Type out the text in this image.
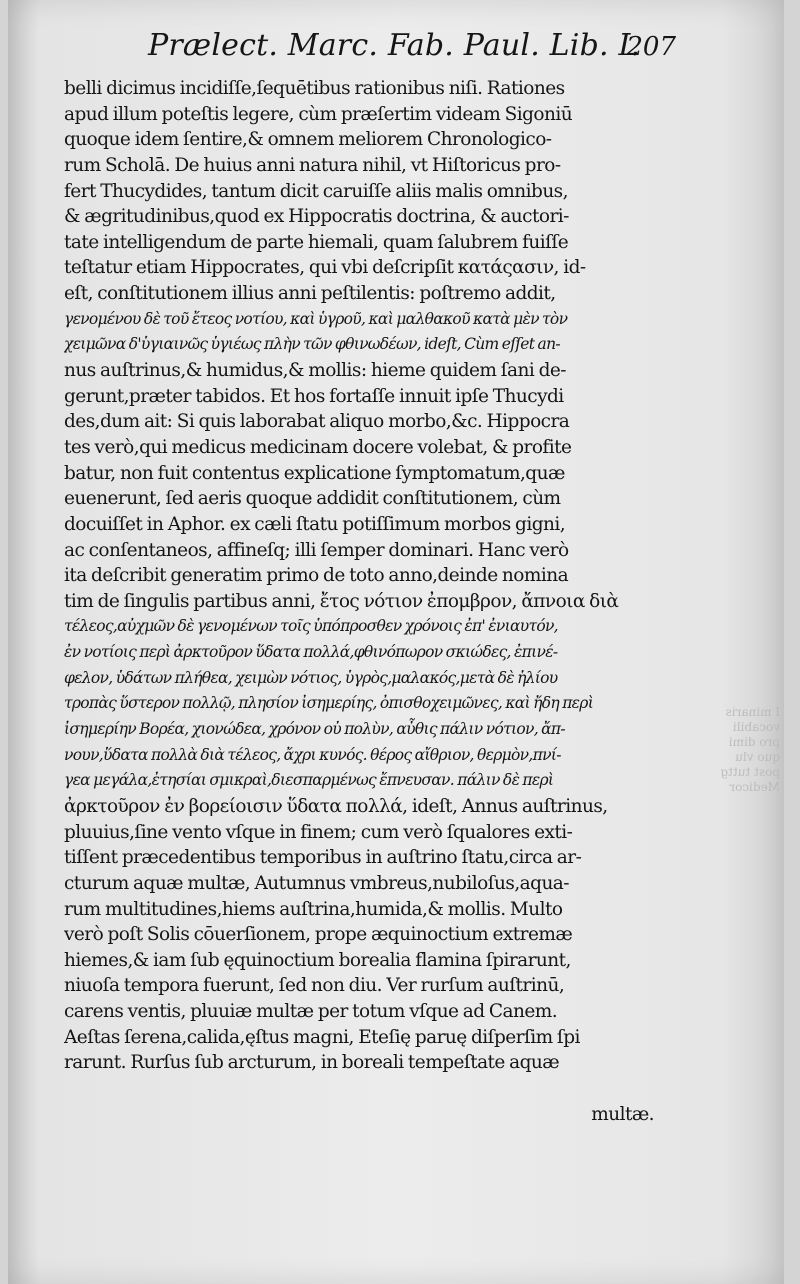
I minaris
vocabili
pro dimi
quo vlu
post tuttg
Medicor
Prælect. Marc. Fab. Paul. Lib. I.
207
belli dicimus incidiſſe,ſequētibus rationibus niſi. Rationes
apud illum poteſtis legere, cùm præſertim videam Sigoniū
quoque idem ſentire,& omnem meliorem Chronologico-
rum Scholā. De huius anni natura nihil, vt Hiſtoricus pro-
fert Thucydides, tantum dicit caruiſſe aliis malis omnibus,
& ægritudinibus,quod ex Hippocratis doctrina, & auctori-
tate intelligendum de parte hiemali, quam ſalubrem fuiſſe
teſtatur etiam Hippocrates, qui vbi deſcripſit κατάςασιν, id-
eſt, conſtitutionem illius anni peſtilentis: poſtremo addit,
γενομένου δὲ τοῦ ἔτεος νοτίου, καὶ ὑγροῦ, καὶ μαλθακοῦ κατὰ μὲν τὸν
χειμῶνα δ'ὑγιαινῶς ὑγιέως πλὴν τῶν φθινωδέων, ideſt, Cùm eſſet an-
nus auſtrinus,& humidus,& mollis: hieme quidem ſani de-
gerunt,præter tabidos. Et hos fortaſſe innuit ipſe Thucydi
des,dum ait: Si quis laborabat aliquo morbo,&c. Hippocra
tes verò,qui medicus medicinam docere volebat, & profite
batur, non fuit contentus explicatione ſymptomatum,quæ
euenerunt, ſed aeris quoque addidit conſtitutionem, cùm
docuiſſet in Aphor. ex cæli ſtatu potiſſimum morbos gigni,
ac conſentaneos, affineſq; illi ſemper dominari. Hanc verò
ita deſcribit generatim primo de toto anno,deinde nomina
tim de ſingulis partibus anni, ἔτος νότιον ἐπομβρον, ἄπνοια διὰ
τέλεος,αὐχμῶν δὲ γενομένων τοῖς ὑπόπροσθεν χρόνοις ἐπ' ἐνιαυτόν,
ἐν νοτίοις περὶ ἀρκτοῦρον ὕδατα πολλά,φθινόπωρον σκιώδες, ἐπινέ-
φελον, ὑδάτων πλήθεα, χειμὼν νότιος, ὑγρὸς,μαλακός,μετὰ δὲ ἡλίου
τροπὰς ὕστερον πολλῷ, πλησίον ἰσημερίης, ὀπισθοχειμῶνες, καὶ ἤδη περὶ
ἰσημερίην Βορέα, χιονώδεα, χρόνον οὐ πολὺν, αὖθις πάλιν νότιον, ἄπ-
νουν,ὕδατα πολλὰ διὰ τέλεος, ἄχρι κυνός. θέρος αἴθριον, θερμὸν,πνί-
γεα μεγάλα,ἐτησίαι σμικραὶ,διεσπαρμένως ἔπνευσαν. πάλιν δὲ περὶ
ἀρκτοῦρον ἐν βορείοισιν ὕδατα πολλά, ideſt, Annus auſtrinus,
pluuius,ſine vento vſque in finem; cum verò ſqualores exti-
tiſſent præcedentibus temporibus in auſtrino ſtatu,circa ar-
cturum aquæ multæ, Autumnus vmbreus,nubiloſus,aqua-
rum multitudines,hiems auſtrina,humida,& mollis. Multo
verò poſt Solis cōuerſionem, prope æquinoctium extremæ
hiemes,& iam ſub ęquinoctium borealia flamina ſpirarunt,
niuoſa tempora fuerunt, ſed non diu. Ver rurſum auſtrinū,
carens ventis, pluuiæ multæ per totum vſque ad Canem.
Aeſtas ſerena,calida,ęſtus magni, Eteſię paruę diſperſim ſpi
rarunt. Rurſus ſub arcturum, in boreali tempeſtate aquæ
multæ.
